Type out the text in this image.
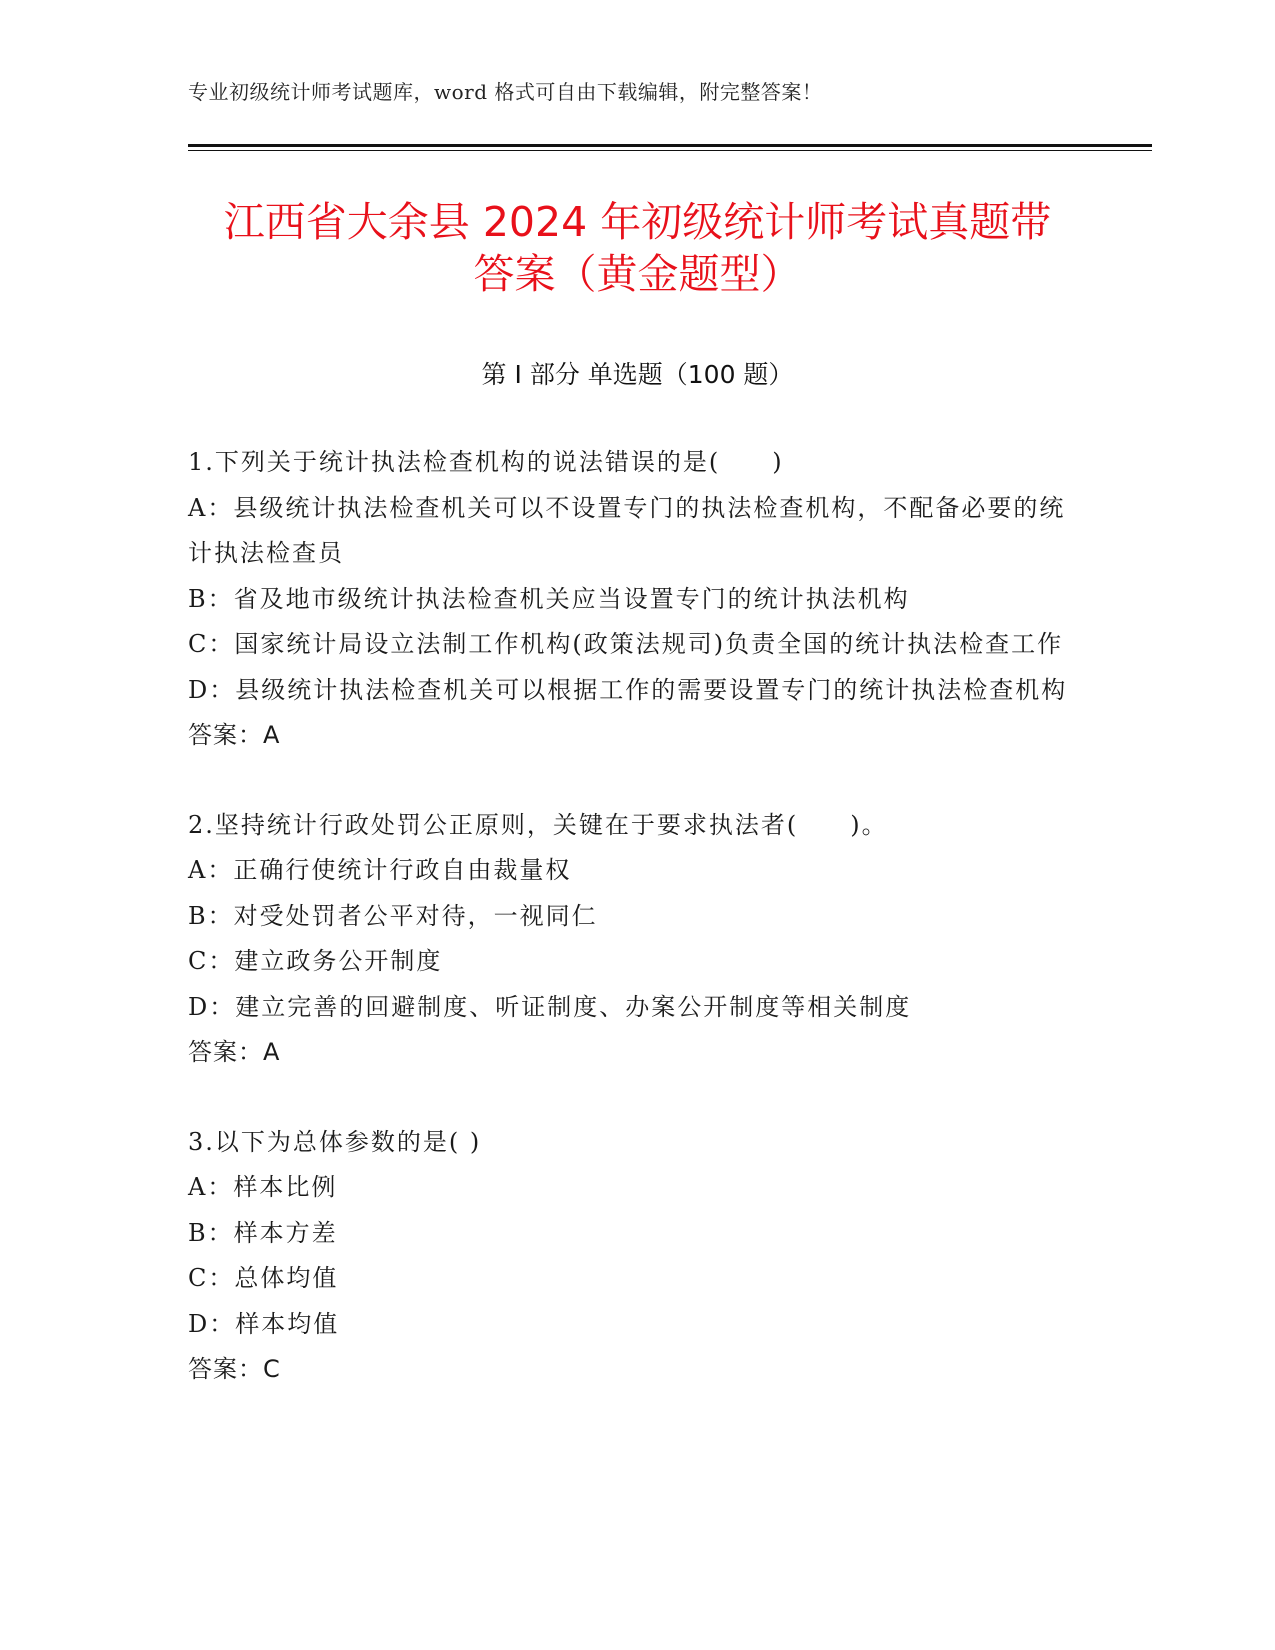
专业初级统计师考试题库，word 格式可自由下载编辑，附完整答案！
江西省大余县 2024 年初级统计师考试真题带
答案（黄金题型）
第 I 部分 单选题（100 题）

1.下列关于统计执法检查机构的说法错误的是(　　)

A：县级统计执法检查机关可以不设置专门的执法检查机构，不配备必要的统计执法检查员

B：省及地市级统计执法检查机关应当设置专门的统计执法机构

C：国家统计局设立法制工作机构(政策法规司)负责全国的统计执法检查工作

D：县级统计执法检查机关可以根据工作的需要设置专门的统计执法检查机构

答案：A

2.坚持统计行政处罚公正原则，关键在于要求执法者(　　)。

A：正确行使统计行政自由裁量权

B：对受处罚者公平对待，一视同仁

C：建立政务公开制度

D：建立完善的回避制度、听证制度、办案公开制度等相关制度

答案：A

3.以下为总体参数的是( )

A：样本比例

B：样本方差

C：总体均值

D：样本均值

答案：C
